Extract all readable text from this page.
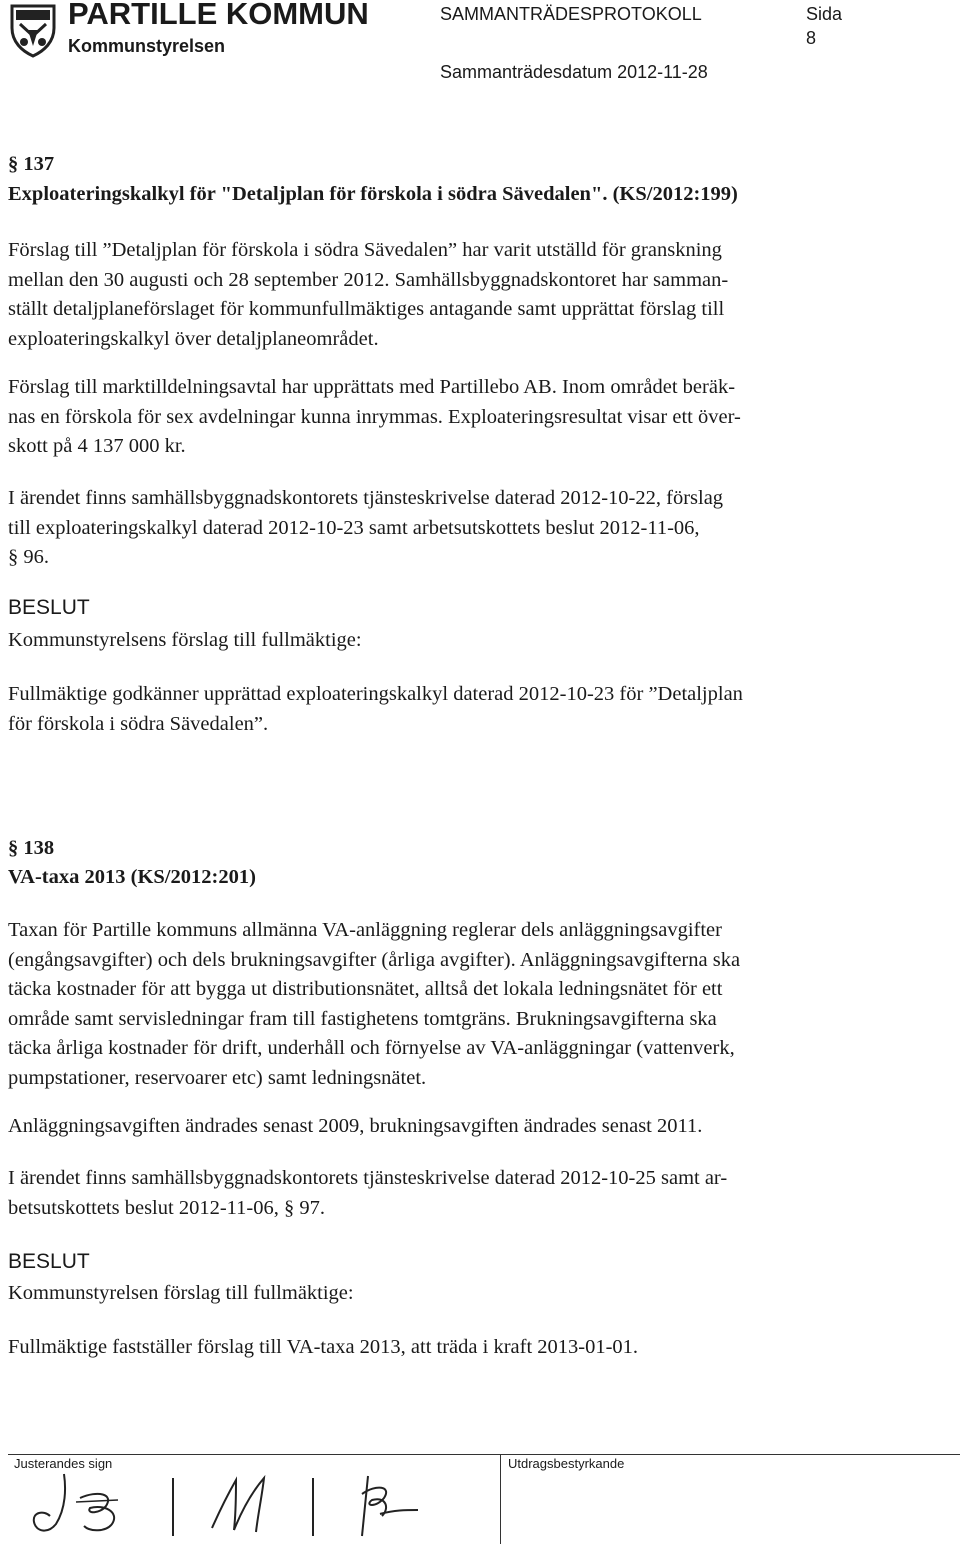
PARTILLE KOMMUN
Kommunstyrelsen
SAMMANTRÄDESPROTOKOLL	Sida
8
Sammanträdesdatum 2012-11-28
§ 137
Exploateringskalkyl för "Detaljplan för förskola i södra Sävedalen". (KS/2012:199)
Förslag till ”Detaljplan för förskola i södra Sävedalen” har varit utställd för granskning
mellan den 30 augusti och 28 september 2012. Samhällsbyggnadskontoret har samman-
ställt detaljplaneförslaget för kommunfullmäktiges antagande samt upprättat förslag till
exploateringskalkyl över detaljplaneområdet.
Förslag till marktilldelningsavtal har upprättats med Partillebo AB. Inom området beräk-
nas en förskola för sex avdelningar kunna inrymmas. Exploateringsresultat visar ett över-
skott på 4 137 000 kr.
I ärendet finns samhällsbyggnadskontorets tjänsteskrivelse daterad 2012-10-22, förslag
till exploateringskalkyl daterad 2012-10-23 samt arbetsutskottets beslut 2012-11-06,
§ 96.
BESLUT
Kommunstyrelsens förslag till fullmäktige:
Fullmäktige godkänner upprättad exploateringskalkyl daterad 2012-10-23 för ”Detaljplan
för förskola i södra Sävedalen”.
§ 138
VA-taxa 2013 (KS/2012:201)
Taxan för Partille kommuns allmänna VA-anläggning reglerar dels anläggningsavgifter
(engångsavgifter) och dels brukningsavgifter (årliga avgifter). Anläggningsavgifterna ska
täcka kostnader för att bygga ut distributionsnätet, alltså det lokala ledningsnätet för ett
område samt servisledningar fram till fastighetens tomtgräns. Brukningsavgifterna ska
täcka årliga kostnader för drift, underhåll och förnyelse av VA-anläggningar (vattenverk,
pumpstationer, reservoarer etc) samt ledningsnätet.
Anläggningsavgiften ändrades senast 2009, brukningsavgiften ändrades senast 2011.
I ärendet finns samhällsbyggnadskontorets tjänsteskrivelse daterad 2012-10-25 samt ar-
betsutskottets beslut 2012-11-06, § 97.
BESLUT
Kommunstyrelsen förslag till fullmäktige:
Fullmäktige fastställer förslag till VA-taxa 2013, att träda i kraft 2013-01-01.
Justerandes sign	Utdragsbestyrkande
